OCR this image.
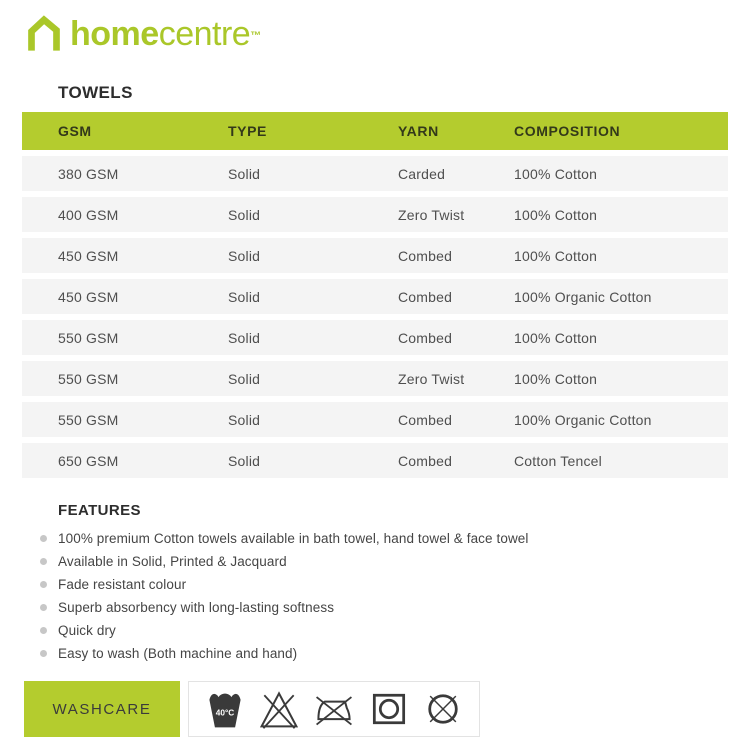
homecentre™
TOWELS
GSM	TYPE	YARN	COMPOSITION
380 GSM	Solid	Carded	100% Cotton
400 GSM	Solid	Zero Twist	100% Cotton
450 GSM	Solid	Combed	100% Cotton
450 GSM	Solid	Combed	100% Organic Cotton
550 GSM	Solid	Combed	100% Cotton
550 GSM	Solid	Zero Twist	100% Cotton
550 GSM	Solid	Combed	100% Organic Cotton
650 GSM	Solid	Combed	Cotton Tencel
FEATURES
100% premium Cotton towels available in bath towel, hand towel & face towel
Available in Solid, Printed & Jacquard
Fade resistant colour
Superb absorbency with long-lasting softness
Quick dry
Easy to wash (Both machine and hand)
WASHCARE	40°C
